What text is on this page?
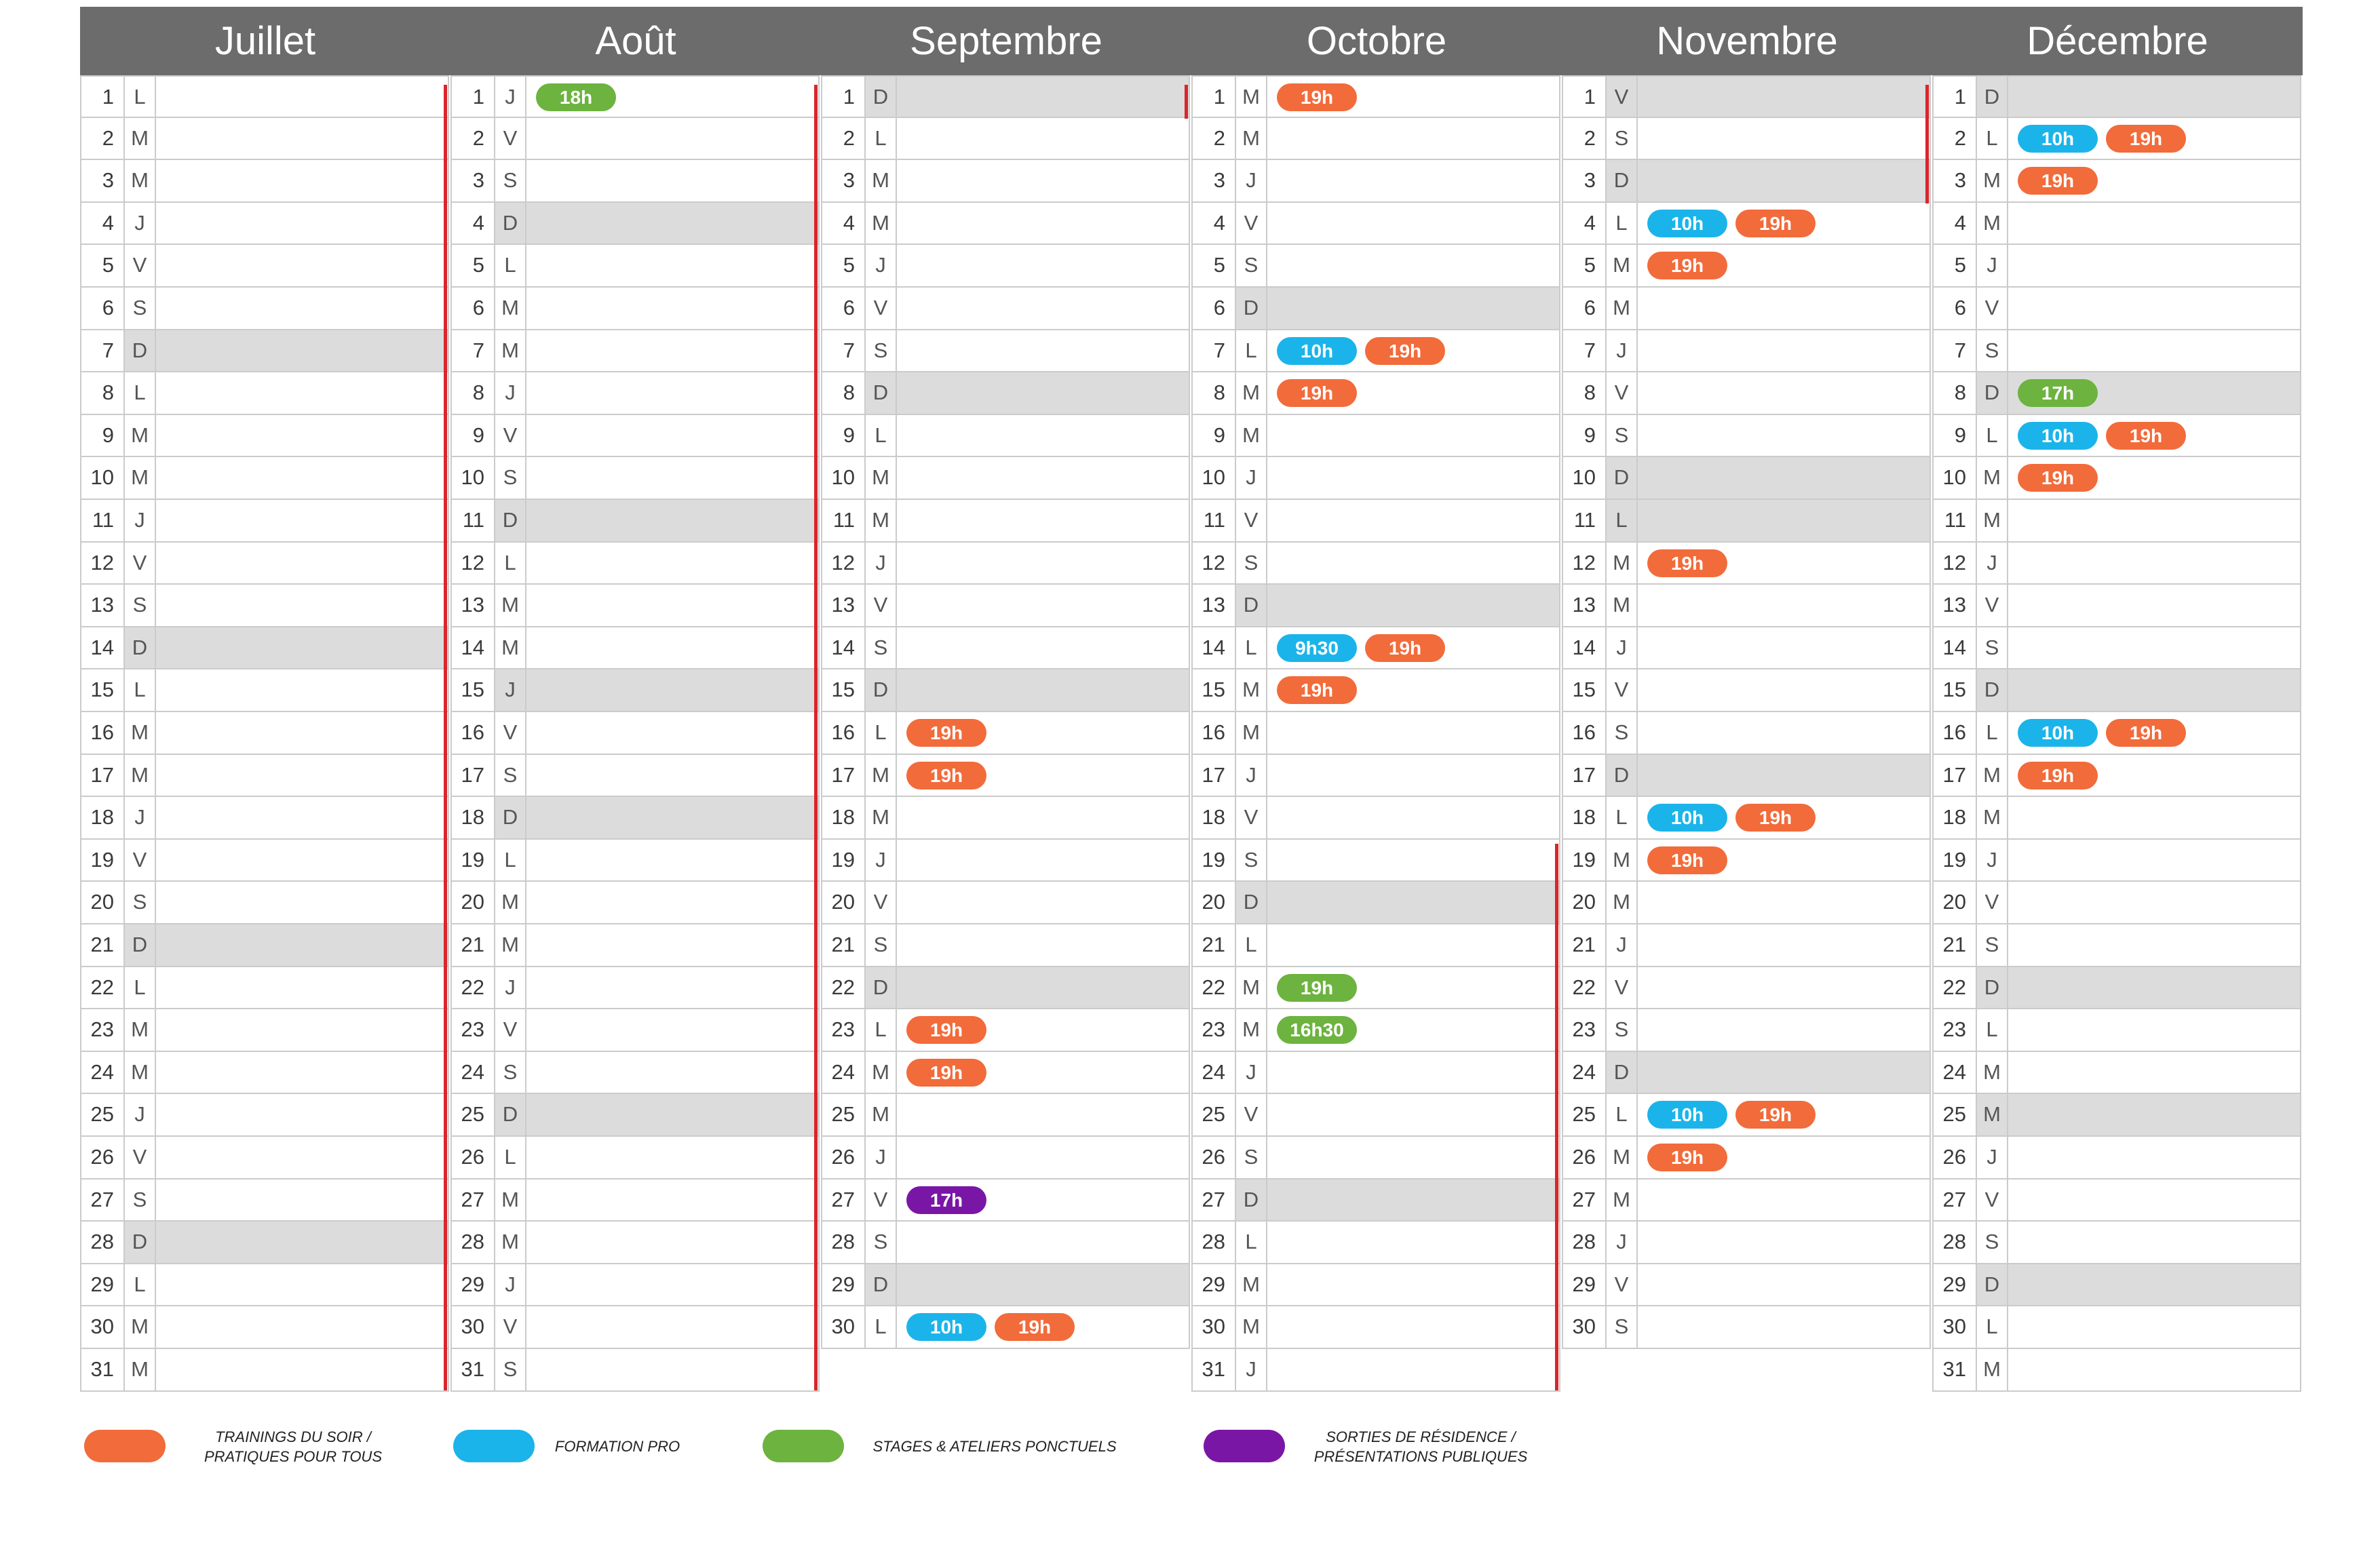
Juillet
1 L
2 M
3 M
4 J
5 V
6 S
7 D
8 L
9 M
10 M
11 J
12 V
13 S
14 D
15 L
16 M
17 M
18 J
19 V
20 S
21 D
22 L
23 M
24 M
25 J
26 V
27 S
28 D
29 L
30 M
31 M
Août
1 J	18h
2 V
3 S
4 D
5 L
6 M
7 M
8 J
9 V
10 S
11 D
12 L
13 M
14 M
15 J
16 V
17 S
18 D
19 L
20 M
21 M
22 J
23 V
24 S
25 D
26 L
27 M
28 M
29 J
30 V
31 S
Septembre
1 D
2 L
3 M
4 M
5 J
6 V
7 S
8 D
9 L
10 M
11 M
12 J
13 V
14 S
15 D
16 L	19h
17 M	19h
18 M
19 J
20 V
21 S
22 D
23 L	19h
24 M	19h
25 M
26 J
27 V	17h
28 S
29 D
30 L	10h	19h
Octobre
1 M	19h
2 M
3 J
4 V
5 S
6 D
7 L	10h	19h
8 M	19h
9 M
10 J
11 V
12 S
13 D
14 L	9h30	19h
15 M	19h
16 M
17 J
18 V
19 S
20 D
21 L
22 M	19h
23 M	16h30
24 J
25 V
26 S
27 D
28 L
29 M
30 M
31 J
Novembre
1 V
2 S
3 D
4 L	10h	19h
5 M	19h
6 M
7 J
8 V
9 S
10 D
11 L
12 M	19h
13 M
14 J
15 V
16 S
17 D
18 L	10h	19h
19 M	19h
20 M
21 J
22 V
23 S
24 D
25 L	10h	19h
26 M	19h
27 M
28 J
29 V
30 S
Décembre
1 D
2 L	10h	19h
3 M	19h
4 M
5 J
6 V
7 S
8 D	17h
9 L	10h	19h
10 M	19h
11 M
12 J
13 V
14 S
15 D
16 L	10h	19h
17 M	19h
18 M
19 J
20 V
21 S
22 D
23 L
24 M
25 M
26 J
27 V
28 S
29 D
30 L
31 M
TRAININGS DU SOIR /
PRATIQUES POUR TOUS
FORMATION PRO	STAGES & ATELIERS PONCTUELS
SORTIES DE RÉSIDENCE /
PRÉSENTATIONS PUBLIQUES
